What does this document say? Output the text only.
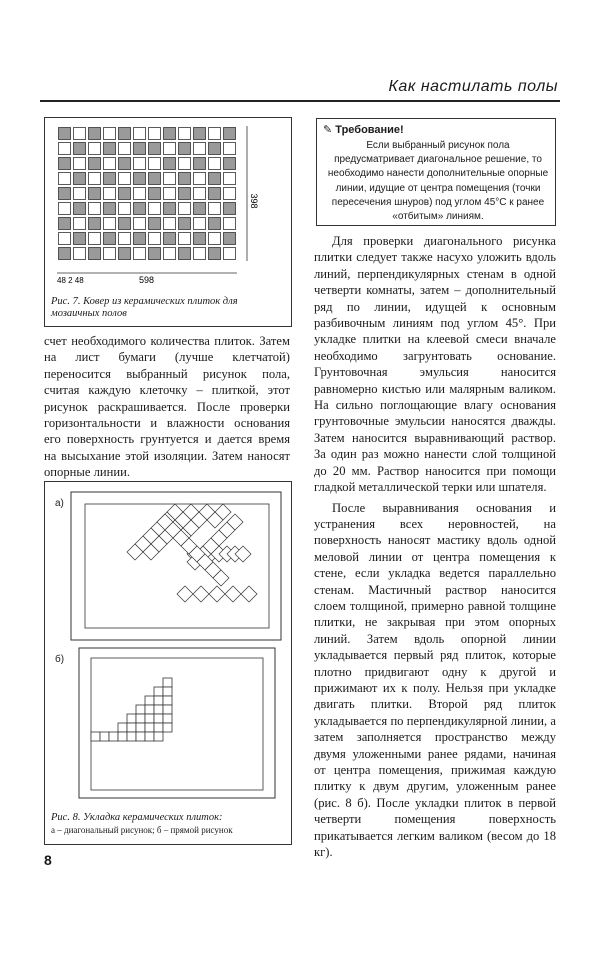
Как настилать полы
398
598
48 2 48
Рис. 7. Ковер из керамических плиток для мозаичных полов
✎ Требование!
Если выбранный рисунок пола предусматривает диагональное решение, то необходимо нанести дополнительные опорные линии, идущие от центра помещения (точки пересечения шнуров) под углом 45°С к ранее «отбитым» линиям.

счет необходимого количества плиток. Затем на лист бумаги (лучше клетчатой) переносится выбранный рисунок пола, считая каждую клеточку – плиткой, этот рисунок раскрашивается. После проверки горизонтальности и влажности основания его поверхность грунтуется и дается время на высыхание этой изоляции. Затем наносят опорные линии.

а)
б)
Рис. 8. Укладка керамических плиток:
а – диагональный рисунок; б – прямой рисунок

Для проверки диагонального рисунка плитки следует также насухо уложить вдоль линий, перпендикулярных стенам в одной четверти комнаты, затем – дополнительный ряд по линии, идущей к основным разбивочным линиям под углом 45°. При укладке плитки на клеевой смеси вначале необходимо загрунтовать основание. Грунтовочная эмульсия наносится равномерно кистью или малярным валиком. На сильно поглощающие влагу основания грунтовочные эмульсии наносятся дважды. Затем наносится выравнивающий раствор. За один раз можно нанести слой толщиной до 20 мм. Раствор наносится при помощи гладкой металлической терки или шпателя.

После выравнивания основания и устранения всех неровностей, на поверхность наносят мастику вдоль одной меловой линии от центра помещения к стене, если укладка ведется параллельно стенам. Мастичный раствор наносится слоем толщиной, примерно равной толщине плитки, не закрывая при этом опорных линий. Затем вдоль опорной линии укладывается первый ряд плиток, которые плотно придвигают одну к другой и прижимают их к полу. Нельзя при укладке двигать плитки. Второй ряд плиток укладывается по перпендикулярной линии, а затем заполняется пространство между двумя уложенными ранее рядами, начиная от центра помещения, прижимая каждую плитку к двум другим, уложенным ранее (рис. 8 б). После укладки плиток в первой четверти помещения поверхность прикатывается легким валиком (весом до 18 кг).

8
